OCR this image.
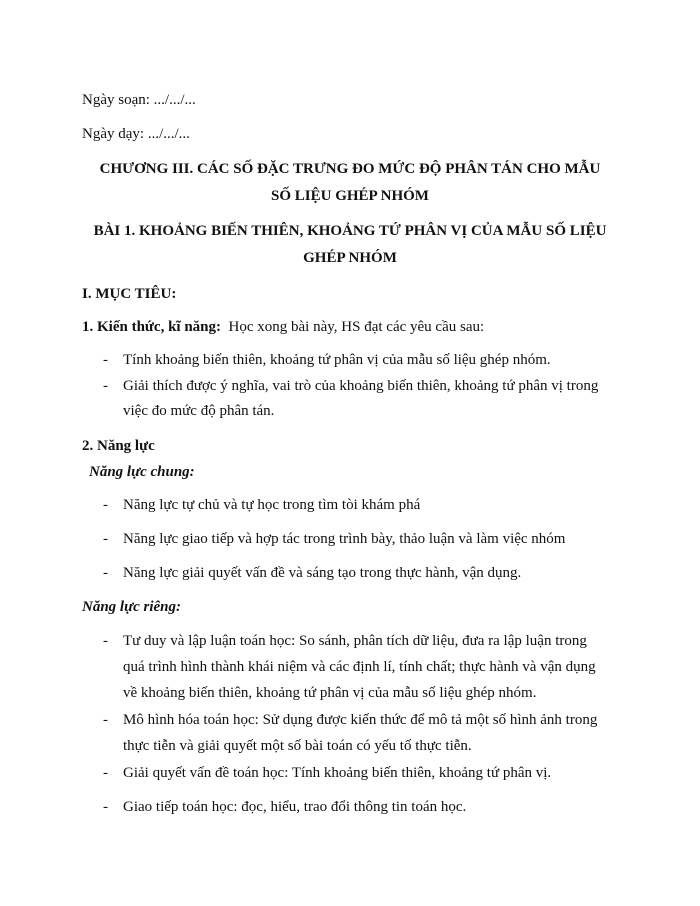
Ngày soạn: .../.../...
Ngày dạy: .../.../...
CHƯƠNG III. CÁC SỐ ĐẶC TRƯNG ĐO MỨC ĐỘ PHÂN TÁN CHO MẪU
SỐ LIỆU GHÉP NHÓM
BÀI 1. KHOẢNG BIẾN THIÊN, KHOẢNG TỨ PHÂN VỊ CỦA MẪU SỐ LIỆU
GHÉP NHÓM
I. MỤC TIÊU:
1. Kiến thức, kĩ năng: Học xong bài này, HS đạt các yêu cầu sau:
- Tính khoảng biến thiên, khoảng tứ phân vị của mẫu số liệu ghép nhóm.
- Giải thích được ý nghĩa, vai trò của khoảng biến thiên, khoảng tứ phân vị trong
việc đo mức độ phân tán.
2. Năng lực
Năng lực chung:
- Năng lực tự chủ và tự học trong tìm tòi khám phá
- Năng lực giao tiếp và hợp tác trong trình bày, thảo luận và làm việc nhóm
- Năng lực giải quyết vấn đề và sáng tạo trong thực hành, vận dụng.
Năng lực riêng:
- Tư duy và lập luận toán học: So sánh, phân tích dữ liệu, đưa ra lập luận trong
quá trình hình thành khái niệm và các định lí, tính chất; thực hành và vận dụng
về khoảng biến thiên, khoảng tứ phân vị của mẫu số liệu ghép nhóm.
- Mô hình hóa toán học: Sử dụng được kiến thức để mô tả một số hình ảnh trong
thực tiễn và giải quyết một số bài toán có yếu tố thực tiễn.
- Giải quyết vấn đề toán học: Tính khoảng biến thiên, khoảng tứ phân vị.
- Giao tiếp toán học: đọc, hiểu, trao đổi thông tin toán học.
